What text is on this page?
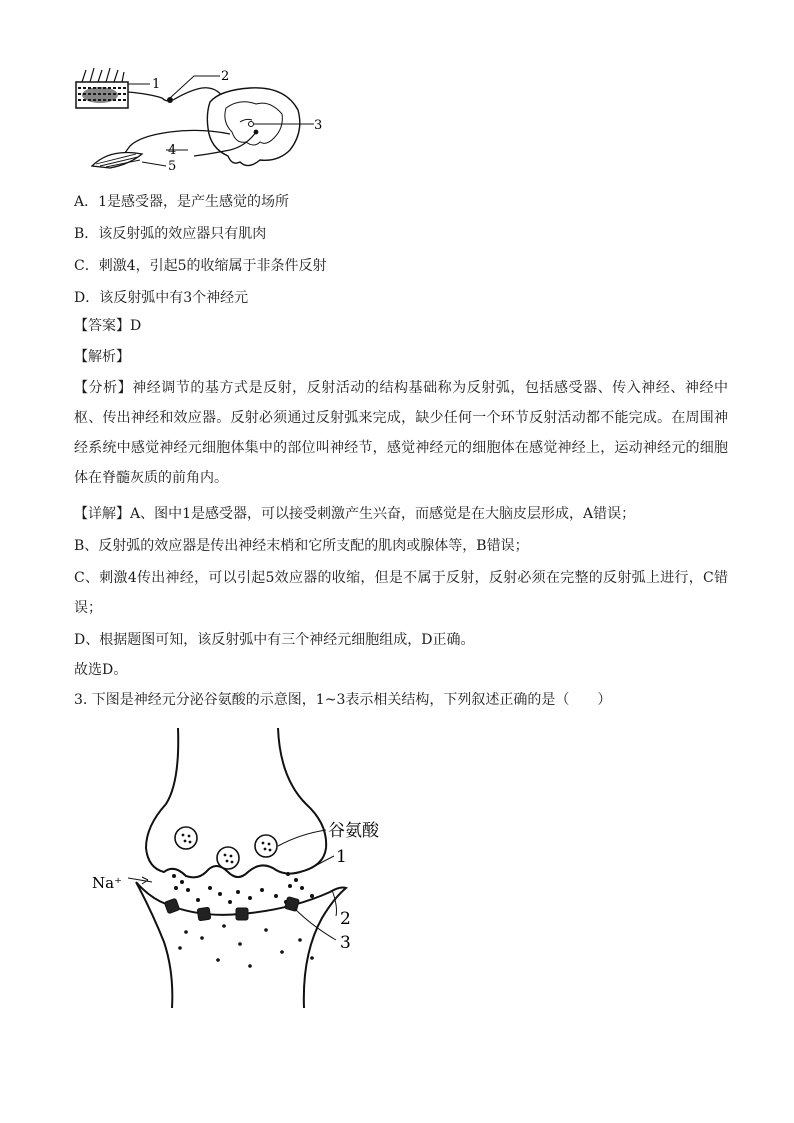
1
2
3
4
5
A．1是感受器，是产生感觉的场所
B．该反射弧的效应器只有肌肉
C．刺激4，引起5的收缩属于非条件反射
D．该反射弧中有3个神经元
【答案】D
【解析】
【分析】神经调节的基方式是反射，反射活动的结构基础称为反射弧，包括感受器、传入神经、神经中枢、传出神经和效应器。反射必须通过反射弧来完成，缺少任何一个环节反射活动都不能完成。在周围神经系统中感觉神经元细胞体集中的部位叫神经节，感觉神经元的细胞体在感觉神经上，运动神经元的细胞体在脊髓灰质的前角内。
【详解】A、图中1是感受器，可以接受刺激产生兴奋，而感觉是在大脑皮层形成，A错误；
B、反射弧的效应器是传出神经末梢和它所支配的肌肉或腺体等，B错误；
C、刺激4传出神经，可以引起5效应器的收缩，但是不属于反射，反射必须在完整的反射弧上进行，C错误；
D、根据题图可知，该反射弧中有三个神经元细胞组成，D正确。
故选D。
3. 下图是神经元分泌谷氨酸的示意图，1~3表示相关结构，下列叙述正确的是（　　）
谷氨酸
1
2
3
Na⁺
